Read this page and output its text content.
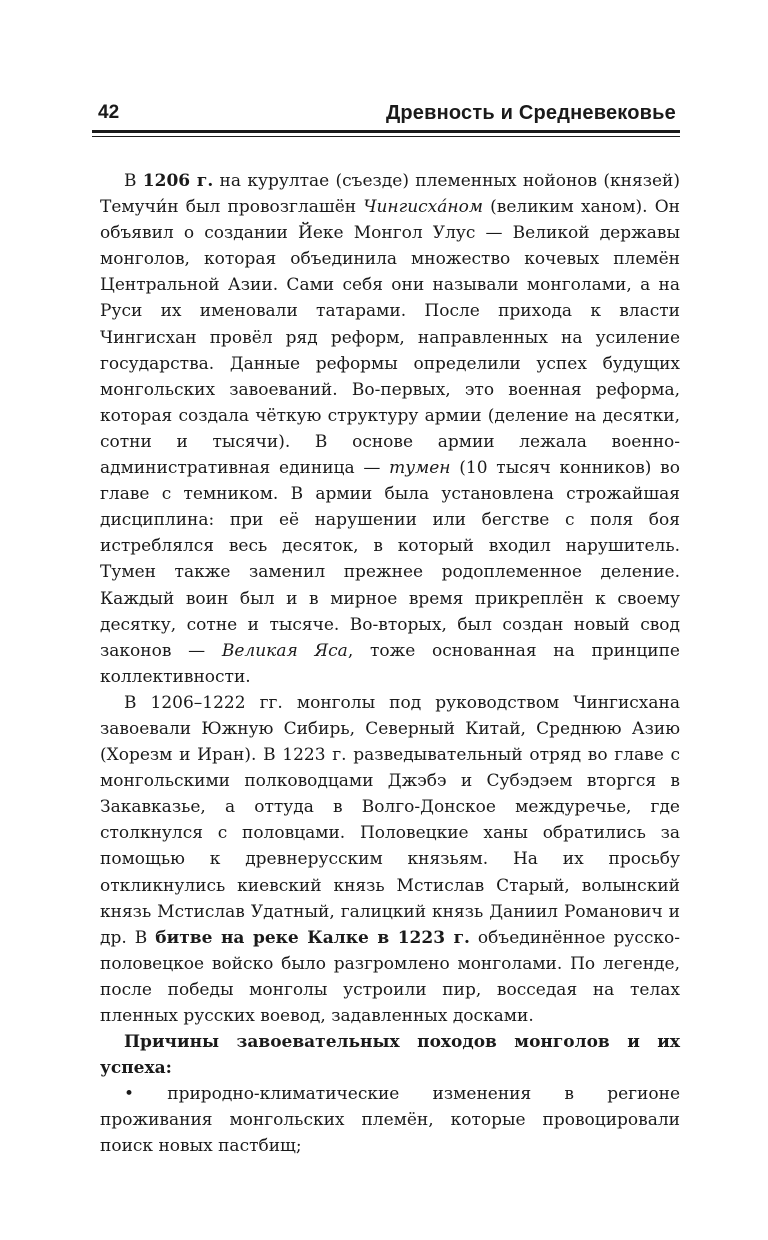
42	Древность и Средневековье

В 1206 г. на курултае (съезде) племенных нойонов (князей) Темучи́н был провозглашён Чингисха́ном (великим ханом). Он объявил о создании Йеке Монгол Улус — Великой державы монголов, которая объединила множество кочевых племён Центральной Азии. Сами себя они называли монголами, а на Руси их именовали татарами. После прихода к власти Чингисхан провёл ряд реформ, направленных на усиление государства. Данные реформы определили успех будущих монгольских завоеваний. Во-первых, это военная реформа, которая создала чёткую структуру армии (деление на десятки, сотни и тысячи). В основе армии лежала военно-административная единица — тумен (10 тысяч конников) во главе с темником. В армии была установлена строжайшая дисциплина: при её нарушении или бегстве с поля боя истреблялся весь десяток, в который входил нарушитель. Тумен также заменил прежнее родоплеменное деление. Каждый воин был и в мирное время прикреплён к своему десятку, сотне и тысяче. Во-вторых, был создан новый свод законов — Великая Яса, тоже основанная на принципе коллективности.

В 1206–1222 гг. монголы под руководством Чингисхана завоевали Южную Сибирь, Северный Китай, Среднюю Азию (Хорезм и Иран). В 1223 г. разведывательный отряд во главе с монгольскими полководцами Джэбэ и Субэдэем вторгся в Закавказье, а оттуда в Волго-Донское междуречье, где столкнулся с половцами. Половецкие ханы обратились за помощью к древнерусским князьям. На их просьбу откликнулись киевский князь Мстислав Старый, волынский князь Мстислав Удатный, галицкий князь Даниил Романович и др. В битве на реке Калке в 1223 г. объединённое русско-половецкое войско было разгромлено монголами. По легенде, после победы монголы устроили пир, восседая на телах пленных русских воевод, задавленных досками.

Причины завоевательных походов монголов и их успеха:

• природно-климатические изменения в регионе проживания монгольских племён, которые провоцировали поиск новых пастбищ;
